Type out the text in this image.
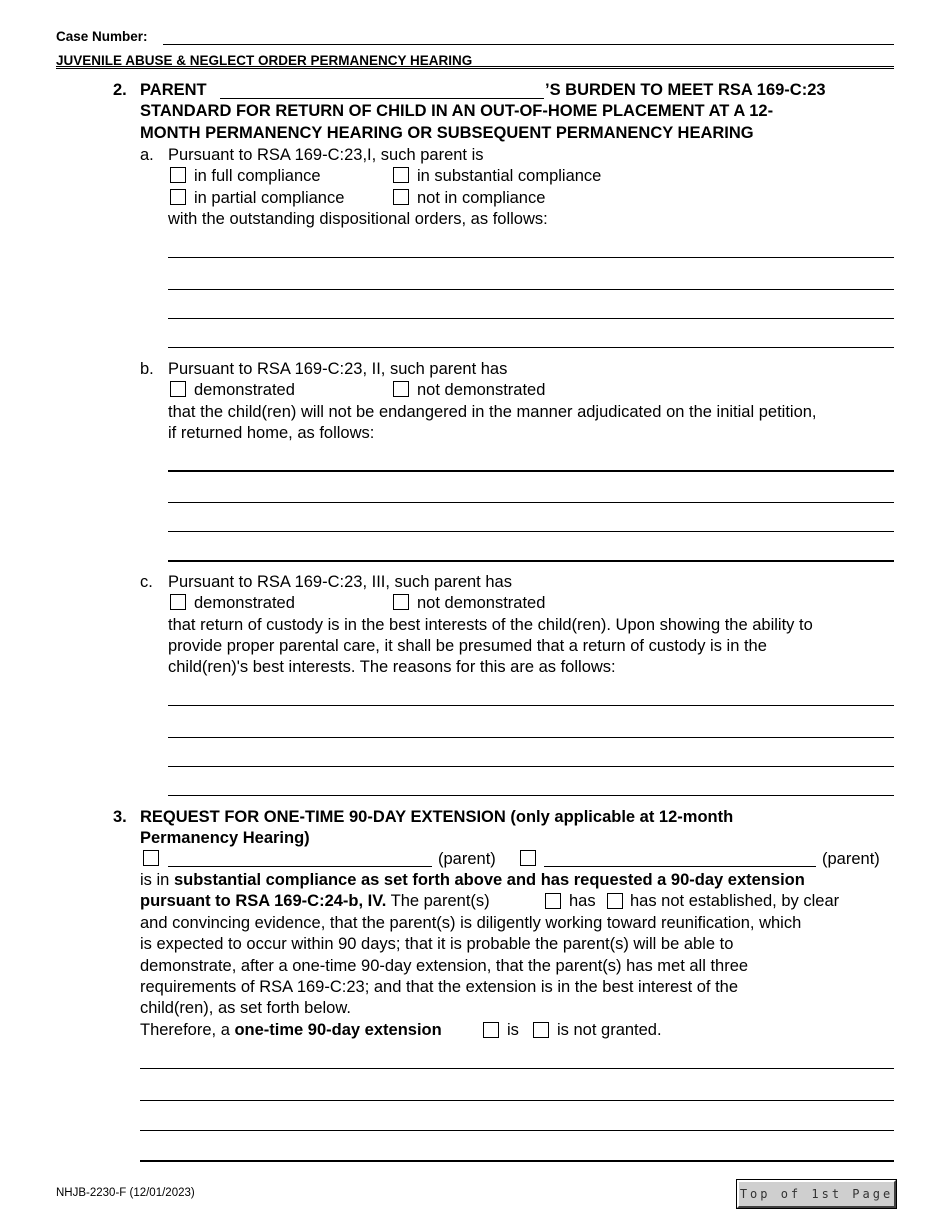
Case Number:
JUVENILE ABUSE & NEGLECT ORDER PERMANENCY HEARING
2. PARENT	’S BURDEN TO MEET RSA 169-C:23
STANDARD FOR RETURN OF CHILD IN AN OUT-OF-HOME PLACEMENT AT A 12-
MONTH PERMANENCY HEARING OR SUBSEQUENT PERMANENCY HEARING
a. Pursuant to RSA 169-C:23,I, such parent is
in full compliance	in substantial compliance
in partial compliance	not in compliance
with the outstanding dispositional orders, as follows:
b. Pursuant to RSA 169-C:23, II, such parent has
demonstrated	not demonstrated
that the child(ren) will not be endangered in the manner adjudicated on the initial petition,
if returned home, as follows:
c. Pursuant to RSA 169-C:23, III, such parent has
demonstrated	not demonstrated
that return of custody is in the best interests of the child(ren). Upon showing the ability to
provide proper parental care, it shall be presumed that a return of custody is in the
child(ren)'s best interests. The reasons for this are as follows:
3. REQUEST FOR ONE-TIME 90-DAY EXTENSION (only applicable at 12-month
Permanency Hearing)
(parent)	(parent)
is in substantial compliance as set forth above and has requested a 90-day extension
pursuant to RSA 169-C:24-b, IV. The parent(s)	has has not established, by clear
and convincing evidence, that the parent(s) is diligently working toward reunification, which
is expected to occur within 90 days; that it is probable the parent(s) will be able to
demonstrate, after a one-time 90-day extension, that the parent(s) has met all three
requirements of RSA 169-C:23; and that the extension is in the best interest of the
child(ren), as set forth below.
Therefore, a one-time 90-day extension	is is not granted.
NHJB-2230-F (12/01/2023)	Top of 1st Page
